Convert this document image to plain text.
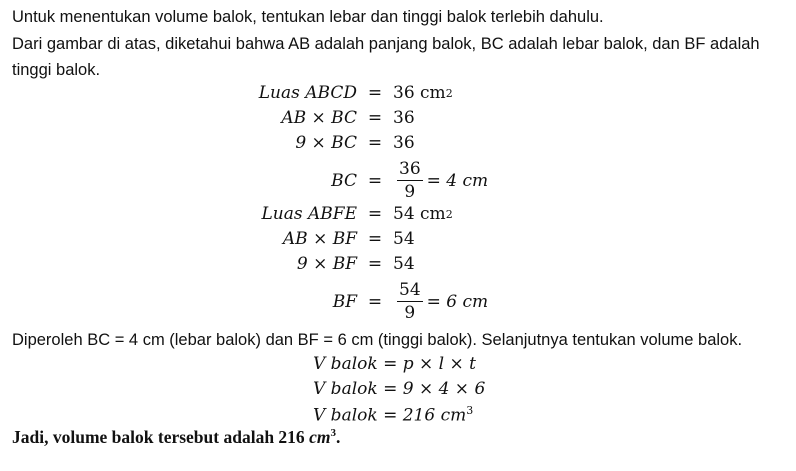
Untuk menentukan volume balok, tentukan lebar dan tinggi balok terlebih dahulu.
Dari gambar di atas, diketahui bahwa AB adalah panjang balok, BC adalah lebar balok, dan BF adalah
tinggi balok.
Luas ABCD = 36 cm 2
AB × BC = 36
9 × BC = 36
BC = $\frac{36}{9} = 4$ cm
Luas ABFE = 54 cm 2
AB × BF = 54
9 × BF = 54
BF = $\frac{54}{9} = 6$ cm
Diperoleh BC = 4 cm (lebar balok) dan BF = 6 cm (tinggi balok). Selanjutnya tentukan volume balok.
V balok = p × l × t
V balok = 9 × 4 × 6
V balok = 216 $cm^3$
Jadi, volume balok tersebut adalah 216 $cm^3$.
